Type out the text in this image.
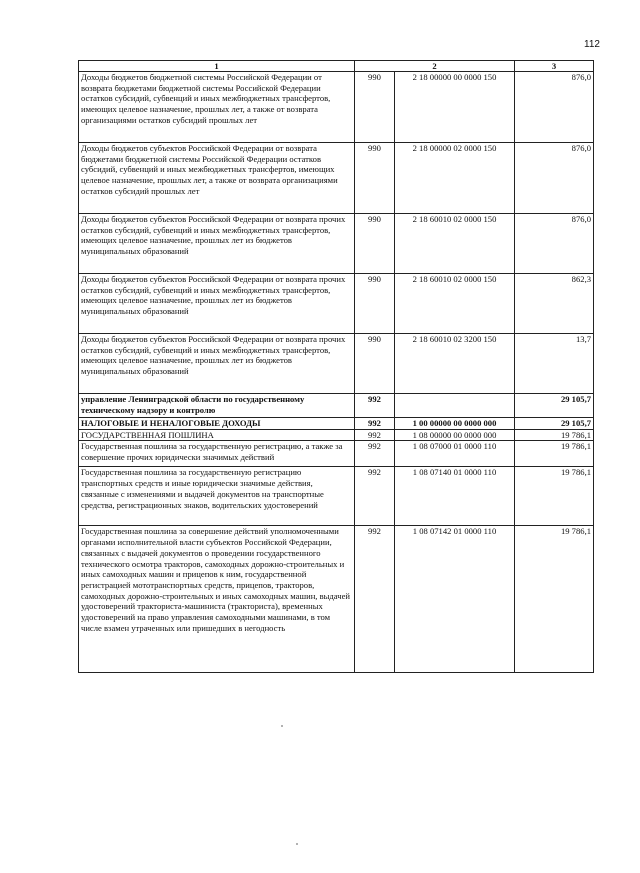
112
1	2		3
Доходы бюджетов бюджетной системы Российской Федерации от возврата бюджетами бюджетной системы Российской Федерации остатков субсидий, субвенций и иных межбюджетных трансфертов, имеющих целевое назначение, прошлых лет, а также от возврата организациями остатков субсидий прошлых лет	990	2 18 00000 00 0000 150	876,0
Доходы бюджетов субъектов Российской Федерации от возврата бюджетами бюджетной системы Российской Федерации остатков субсидий, субвенций и иных межбюджетных трансфертов, имеющих целевое назначение, прошлых лет, а также от возврата организациями остатков субсидий прошлых лет	990	2 18 00000 02 0000 150	876,0
Доходы бюджетов субъектов Российской Федерации от возврата прочих остатков субсидий, субвенций и иных межбюджетных трансфертов, имеющих целевое назначение, прошлых лет из бюджетов муниципальных образований	990	2 18 60010 02 0000 150	876,0
Доходы бюджетов субъектов Российской Федерации от возврата прочих остатков субсидий, субвенций и иных межбюджетных трансфертов, имеющих целевое назначение, прошлых лет из бюджетов муниципальных образований	990	2 18 60010 02 0000 150	862,3
Доходы бюджетов субъектов Российской Федерации от возврата прочих остатков субсидий, субвенций и иных межбюджетных трансфертов, имеющих целевое назначение, прошлых лет из бюджетов муниципальных образований	990	2 18 60010 02 3200 150	13,7
управление Ленинградской области по государственному техническому надзору и контролю	992		29 105,7
НАЛОГОВЫЕ И НЕНАЛОГОВЫЕ ДОХОДЫ	992	1 00 00000 00 0000 000	29 105,7
ГОСУДАРСТВЕННАЯ ПОШЛИНА	992	1 08 00000 00 0000 000	19 786,1
Государственная пошлина за государственную регистрацию, а также за совершение прочих юридически значимых действий	992	1 08 07000 01 0000 110	19 786,1
Государственная пошлина за государственную регистрацию транспортных средств и иные юридически значимые действия, связанные с изменениями и выдачей документов на транспортные средства, регистрационных знаков, водительских удостоверений	992	1 08 07140 01 0000 110	19 786,1
Государственная пошлина за совершение действий уполномоченными органами исполнительной власти субъектов Российской Федерации, связанных с выдачей документов о проведении государственного технического осмотра тракторов, самоходных дорожно-строительных и иных самоходных машин и прицепов к ним, государственной регистрацией мототранспортных средств, прицепов, тракторов, самоходных дорожно-строительных и иных самоходных машин, выдачей удостоверений тракториста-машиниста (тракториста), временных удостоверений на право управления самоходными машинами, в том числе взамен утраченных или пришедших в негодность	992	1 08 07142 01 0000 110	19 786,1
